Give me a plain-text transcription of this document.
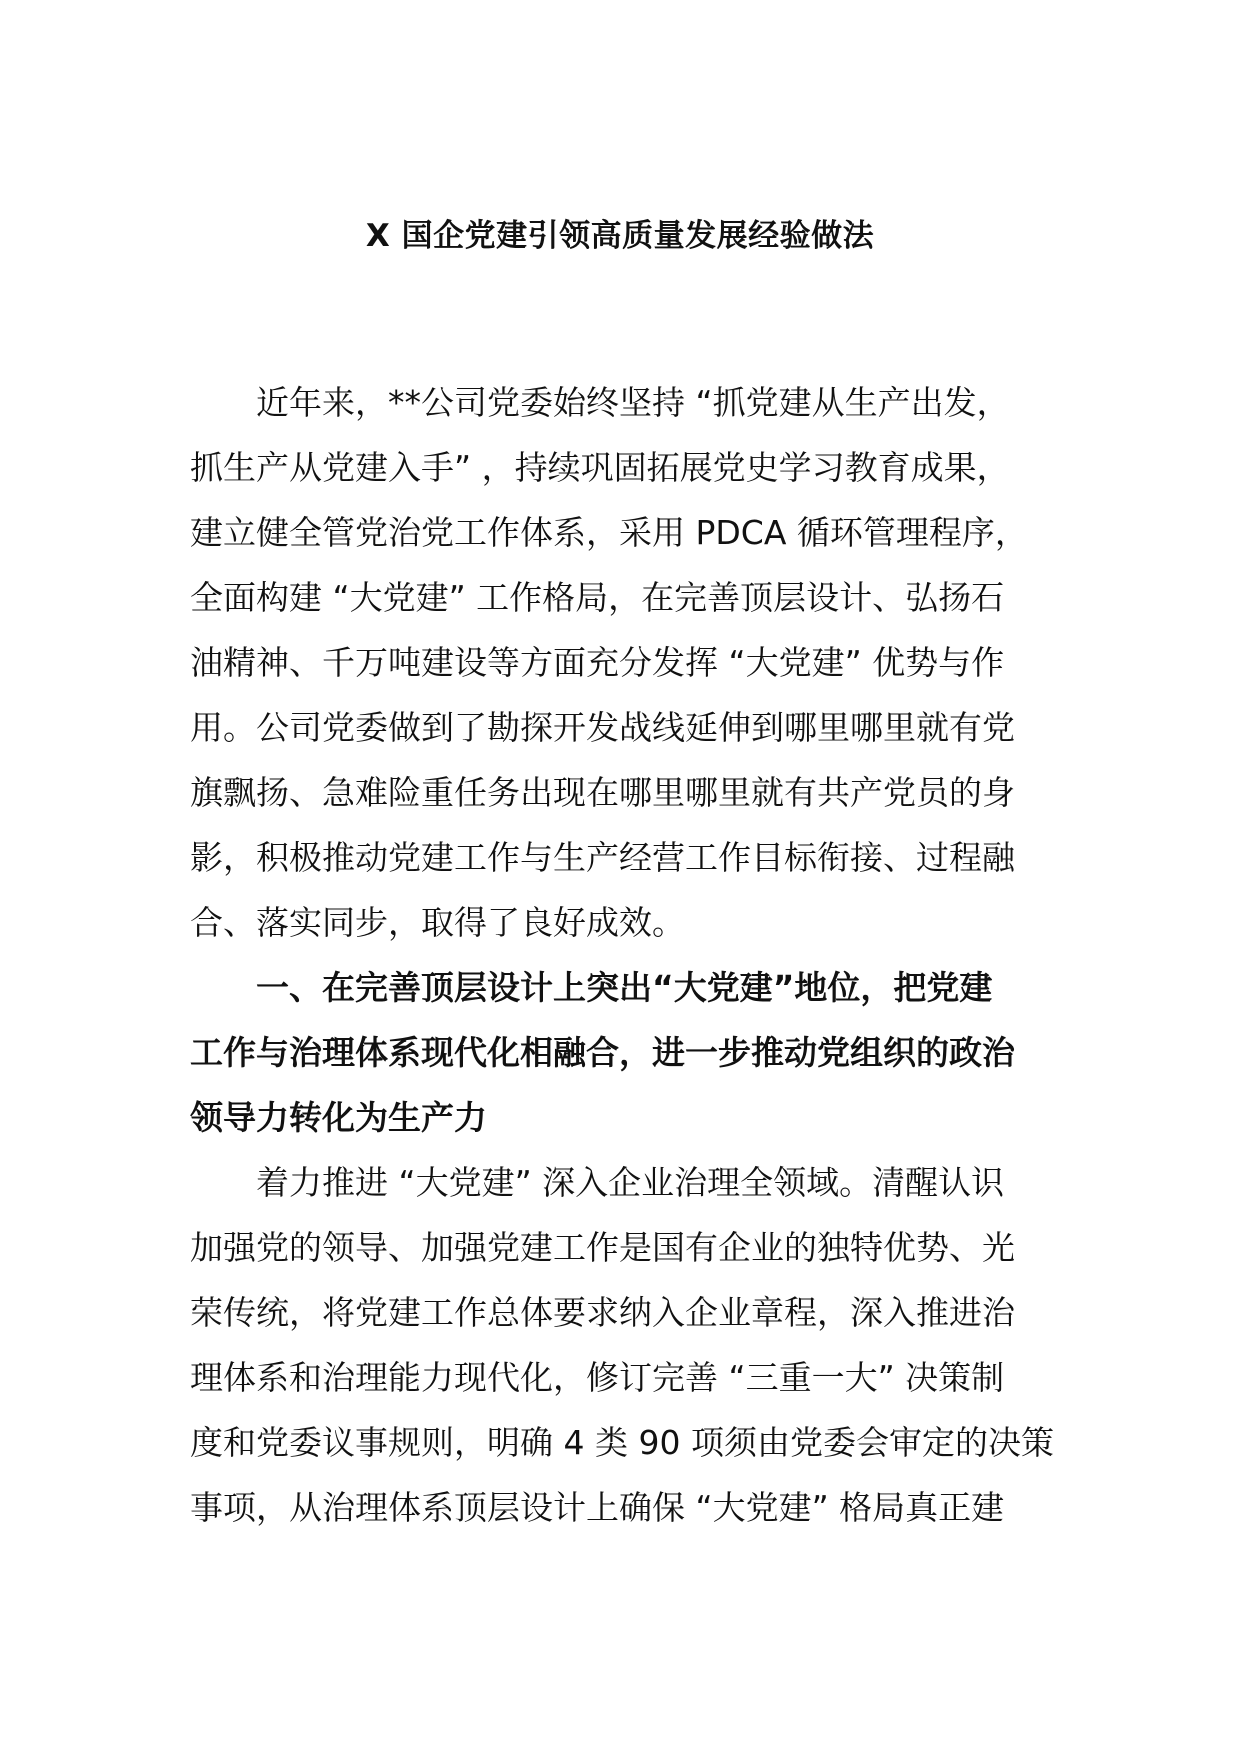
X 国企党建引领高质量发展经验做法
近年来，**公司党委始终坚持 “抓党建从生产出发，
抓生产从党建入手” ，持续巩固拓展党史学习教育成果，
建立健全管党治党工作体系，采用 PDCA 循环管理程序，
全面构建 “大党建” 工作格局，在完善顶层设计、弘扬石
油精神、千万吨建设等方面充分发挥 “大党建” 优势与作
用。公司党委做到了勘探开发战线延伸到哪里哪里就有党
旗飘扬、急难险重任务出现在哪里哪里就有共产党员的身
影，积极推动党建工作与生产经营工作目标衔接、过程融
合、落实同步，取得了良好成效。
一、在完善顶层设计上突出“大党建”地位，把党建
工作与治理体系现代化相融合，进一步推动党组织的政治
领导力转化为生产力
着力推进 “大党建” 深入企业治理全领域。清醒认识
加强党的领导、加强党建工作是国有企业的独特优势、光
荣传统，将党建工作总体要求纳入企业章程，深入推进治
理体系和治理能力现代化，修订完善 “三重一大” 决策制
度和党委议事规则，明确 4 类 90 项须由党委会审定的决策
事项，从治理体系顶层设计上确保 “大党建” 格局真正建
